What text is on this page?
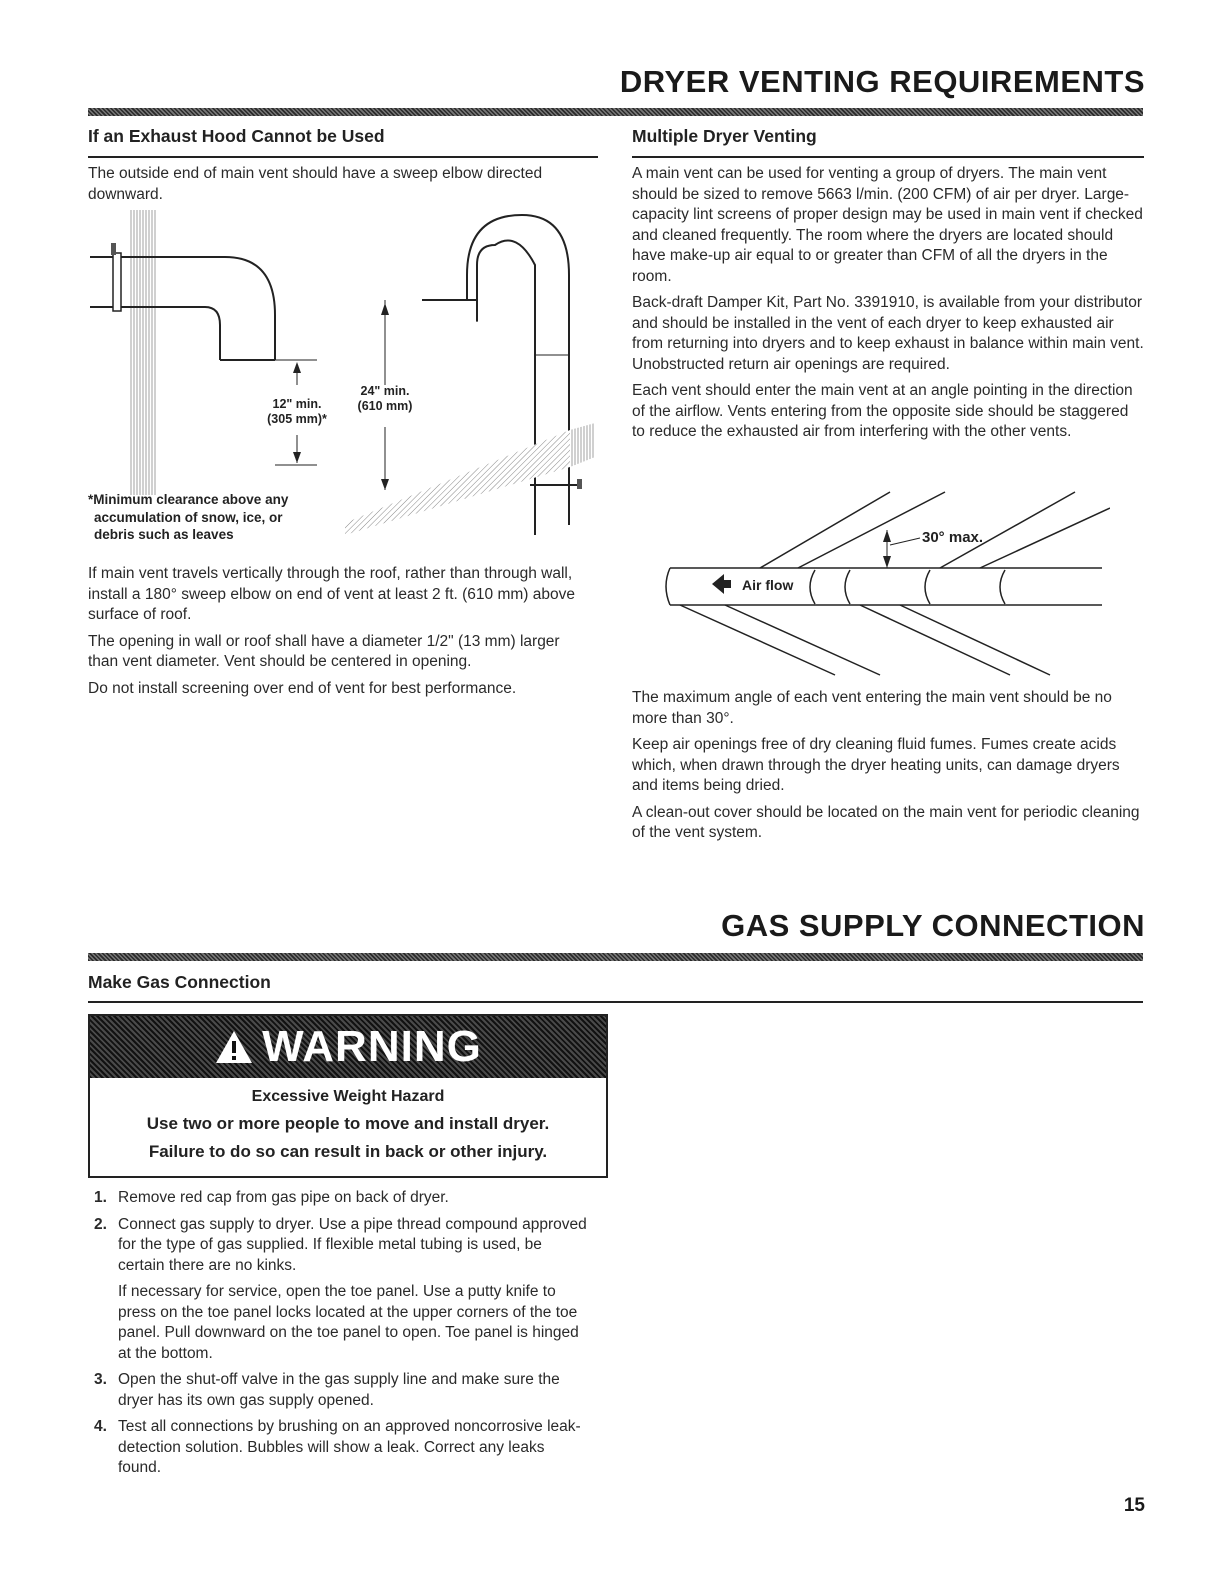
DRYER VENTING REQUIREMENTS
If an Exhaust Hood Cannot be Used

The outside end of main vent should have a sweep elbow directed downward.

12" min.
(305 mm)*
24" min.
(610 mm)
*Minimum clearance above any
accumulation of snow, ice, or
debris such as leaves

If main vent travels vertically through the roof, rather than through wall, install a 180° sweep elbow on end of vent at least 2 ft. (610 mm) above surface of roof.

The opening in wall or roof shall have a diameter 1/2" (13 mm) larger than vent diameter. Vent should be centered in opening.

Do not install screening over end of vent for best performance.

Multiple Dryer Venting

A main vent can be used for venting a group of dryers. The main vent should be sized to remove 5663 l/min. (200 CFM) of air per dryer. Large-capacity lint screens of proper design may be used in main vent if checked and cleaned frequently. The room where the dryers are located should have make-up air equal to or greater than CFM of all the dryers in the room.

Back-draft Damper Kit, Part No. 3391910, is available from your distributor and should be installed in the vent of each dryer to keep exhausted air from returning into dryers and to keep exhaust in balance within main vent. Unobstructed return air openings are required.

Each vent should enter the main vent at an angle pointing in the direction of the airflow. Vents entering from the opposite side should be staggered to reduce the exhausted air from interfering with the other vents.

30° max.
Air flow

The maximum angle of each vent entering the main vent should be no more than 30°.

Keep air openings free of dry cleaning fluid fumes. Fumes create acids which, when drawn through the dryer heating units, can damage dryers and items being dried.

A clean-out cover should be located on the main vent for periodic cleaning of the vent system.

GAS SUPPLY CONNECTION
Make Gas Connection
WARNING
Excessive Weight Hazard
Use two or more people to move and install dryer.
Failure to do so can result in back or other injury.
1. Remove red cap from gas pipe on back of dryer.
2. Connect gas supply to dryer. Use a pipe thread compound approved for the type of gas supplied. If flexible metal tubing is used, be certain there are no kinks.
If necessary for service, open the toe panel. Use a putty knife to press on the toe panel locks located at the upper corners of the toe panel. Pull downward on the toe panel to open. Toe panel is hinged at the bottom.
3. Open the shut-off valve in the gas supply line and make sure the dryer has its own gas supply opened.
4. Test all connections by brushing on an approved noncorrosive leak-detection solution. Bubbles will show a leak. Correct any leaks found.
15
